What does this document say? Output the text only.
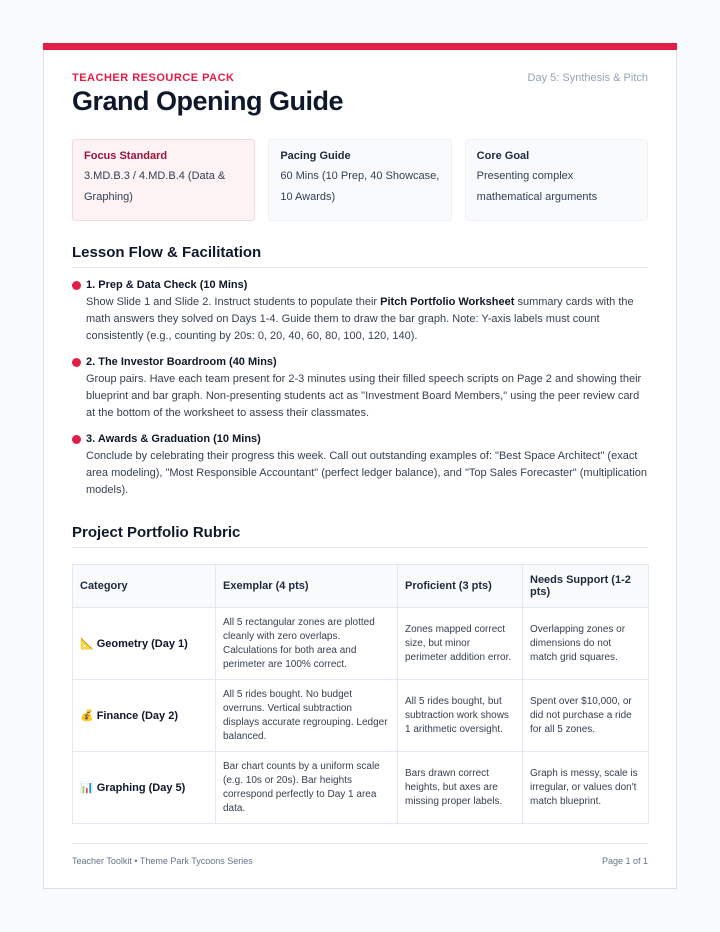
TEACHER RESOURCE PACK	Day 5: Synthesis & Pitch
Grand Opening Guide
Focus Standard
3.MD.B.3 / 4.MD.B.4 (Data & Graphing)
Pacing Guide
60 Mins (10 Prep, 40 Showcase, 10 Awards)
Core Goal
Presenting complex mathematical arguments
Lesson Flow & Facilitation
1. Prep & Data Check (10 Mins)
Show Slide 1 and Slide 2. Instruct students to populate their Pitch Portfolio Worksheet summary cards with the math answers they solved on Days 1-4. Guide them to draw the bar graph. Note: Y-axis labels must count consistently (e.g., counting by 20s: 0, 20, 40, 60, 80, 100, 120, 140).
2. The Investor Boardroom (40 Mins)
Group pairs. Have each team present for 2-3 minutes using their filled speech scripts on Page 2 and showing their blueprint and bar graph. Non-presenting students act as "Investment Board Members," using the peer review card at the bottom of the worksheet to assess their classmates.
3. Awards & Graduation (10 Mins)
Conclude by celebrating their progress this week. Call out outstanding examples of: "Best Space Architect" (exact area modeling), "Most Responsible Accountant" (perfect ledger balance), and "Top Sales Forecaster" (multiplication models).
Project Portfolio Rubric
Category	Exemplar (4 pts)	Proficient (3 pts)	Needs Support (1-2 pts)
📐 Geometry (Day 1)	All 5 rectangular zones are plotted cleanly with zero overlaps. Calculations for both area and perimeter are 100% correct.	Zones mapped correct size, but minor perimeter addition error.	Overlapping zones or dimensions do not match grid squares.
💰 Finance (Day 2)	All 5 rides bought. No budget overruns. Vertical subtraction displays accurate regrouping. Ledger balanced.	All 5 rides bought, but subtraction work shows 1 arithmetic oversight.	Spent over $10,000, or did not purchase a ride for all 5 zones.
📊 Graphing (Day 5)	Bar chart counts by a uniform scale (e.g. 10s or 20s). Bar heights correspond perfectly to Day 1 area data.	Bars drawn correct heights, but axes are missing proper labels.	Graph is messy, scale is irregular, or values don't match blueprint.
Teacher Toolkit • Theme Park Tycoons Series	Page 1 of 1
